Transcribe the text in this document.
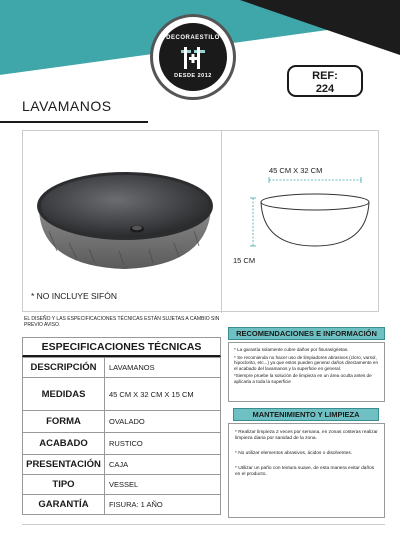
DECORAESTILO
DESDE 2012	REF:
224
LAVAMANOS
* NO INCLUYE SIFÓN
45 CM X 32 CM
15 CM
EL DISEÑO Y LAS ESPECIFICACIONES TÉCNICAS ESTÁN SUJETAS A CAMBIO SIN PREVIO AVISO.
ESPECIFICACIONES TÉCNICAS
DESCRIPCIÓN	LAVAMANOS
MEDIDAS	45 CM X 32 CM X 15 CM
FORMA	OVALADO
ACABADO	RUSTICO
PRESENTACIÓN	CAJA
TIPO	VESSEL
GARANTÍA	FISURA: 1 AÑO
RECOMENDACIONES E INFORMACIÓN

* La garantía solamente cubre daños por fisuras/grietas.

* Se recomienda no hacer uso de limpiadores abrasivos (cloro, varsol, hipoclorito, etc...) ya que estos pueden generar daños directamente en el acabado del lavamanos y la superficie en general.

*Siempre pruebe la solución de limpieza en un área oculta antes de aplicarla a toda la superficie

MANTENIMIENTO Y LIMPIEZA

* Realizar limpieza 2 veces por semana, en zonas costeras realizar limpieza diaria por sanidad de la zona.

* No utilizar elementos abrasivos, ácidos o disolventes.

* Utilizar un paño con textura suave, de esta manera evitar daños en el producto.
